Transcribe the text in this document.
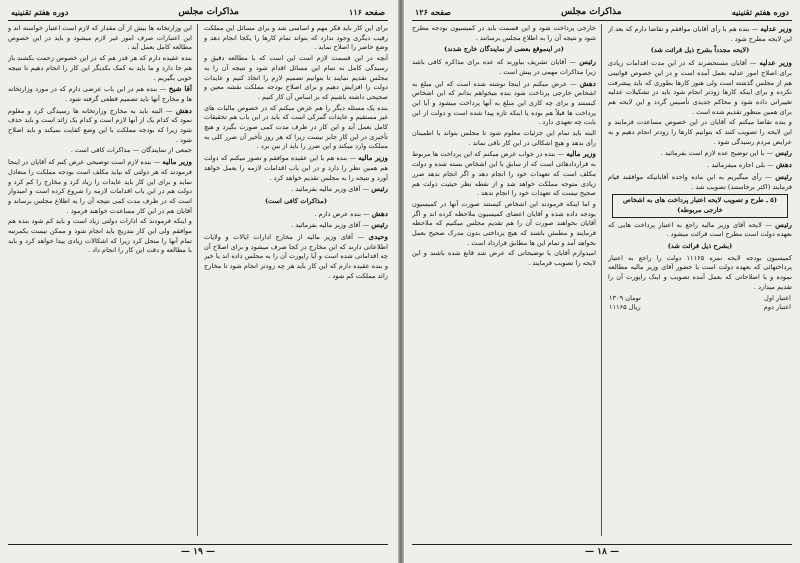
صفحه ۱۱۶
مذاکرات مجلس
دوره هفتم تقنینیه
برای این کار باید فکر مهم و اساسی شد و برای مسائل این مملکت رقیب دیگری وجود ندارد که بتواند تمام کارها را یکجا انجام دهد و وضع حاضر را اصلاح نماید .
آنچه در این قسمت لازم است این است که با مطالعه دقیق و رسیدگی کامل به تمام این مسائل اقدام شود و نتیجه آن را به مجلس تقدیم نمایند تا بتوانیم تصمیم لازم را اتخاذ کنیم و عایدات دولت را افزایش دهیم و برای اصلاح بودجه مملکت نقشه معین و صحیحی داشته باشیم که بر اساس آن کار کنیم .
بنده یک مسئله دیگر را هم عرض میکنم که در خصوص مالیات های غیر مستقیم و عایدات گمرکی است که باید در این باب هم تحقیقات کامل بعمل آید و این کار در ظرف مدت کمی صورت بگیرد و هیچ تأخیری در این کار جایز نیست زیرا که هر روز تأخیر آن ضرر کلی به مملکت وارد میکند و این ضرر را باید از بین برد .
وزیر مالیه — بنده هم با این عقیده موافقم و تصور میکنم که دولت هم همین نظر را دارد و در این باب اقدامات لازمه را بعمل خواهد آورد و نتیجه را به مجلس تقدیم خواهد کرد .
رئیس — آقای وزیر مالیه بفرمائید .
(مذاکرات کافی است)
دهش — بنده عرض دارم .
رئیس — آقای وزیر مالیه بفرمائید .
وحیدی — آقای وزیر مالیه از مخارج ادارات ایالات و ولایات اطلاعاتی دارند که این مخارج در کجا صرف میشود و برای اصلاح آن چه اقداماتی شده است و آیا راپورت آن را به مجلس داده اند یا خیر و بنده عقیده دارم که این کار باید هر چه زودتر انجام شود تا مخارج زائد مملکت کم شود .
این وزارتخانه ها بیش از آن مقدار که لازم است اعتبار خواسته اند و این اعتبارات صرف امور غیر لازم میشود و باید در این خصوص مطالعه کامل بعمل آید .
بنده عقیده دارم که هر قدر هم که در این خصوص زحمت بکشند باز هم جا دارد و ما باید به کمک یکدیگر این کار را انجام دهیم تا نتیجه خوبی بگیریم .
آقا شیخ — بنده هم در این باب عرضی دارم که در مورد وزارتخانه ها و مخارج آنها باید تصمیم قطعی گرفته شود .
دهش — البته باید به مخارج وزارتخانه ها رسیدگی کرد و معلوم نمود که کدام یک از آنها لازم است و کدام یک زائد است و باید حذف شود زیرا که بودجه مملکت با این وضع کفایت نمیکند و باید اصلاح شود .
جمعی از نمایندگان — مذاکرات کافی است .
وزیر مالیه — بنده لازم است توضیحی عرض کنم که آقایان در اینجا فرمودند که هر دولتی که بیاید مکلف است بودجه مملکت را متعادل نماید و برای این کار باید عایدات را زیاد کرد و مخارج را کم کرد و دولت هم در این باب اقدامات لازمه را شروع کرده است و امیدوار است که در ظرف مدت کمی نتیجه آن را به اطلاع مجلس برساند و آقایان هم در این کار مساعدت خواهند فرمود .
و اینکه فرمودند که ادارات دولتی زیاد است و باید کم شود بنده هم موافقم ولی این کار بتدریج باید انجام شود و ممکن نیست یکمرتبه تمام آنها را منحل کرد زیرا که اشکالات زیادی پیدا خواهد کرد و باید با مطالعه و دقت این کار را انجام داد .
— ۱۹ —
دوره هفتم تقنینیه
مذاکرات مجلس
صفحه ۱۲۶
وزیر عدلیه — بنده هم با رأی آقایان موافقم و تقاضا دارم که بعد از این لایحه مطرح شود .
(لایحه مجدداً بشرح ذیل قرائت شد)
وزیر عدلیه — آقایان مستحضرند که در این مدت اقدامات زیادی برای اصلاح امور عدلیه بعمل آمده است و در این خصوص قوانینی هم از مجلس گذشته است ولی هنوز کارها بطوری که باید پیشرفت نکرده و برای اینکه کارها زودتر انجام شود باید در تشکیلات عدلیه تغییراتی داده شود و محاکم جدیدی تأسیس گردد و این لایحه هم برای همین منظور تقدیم شده است .
و بنده تقاضا میکنم که آقایان در این خصوص مساعدت فرمایند و این لایحه را تصویب کنند که بتوانیم کارها را زودتر انجام دهیم و به عرایض مردم رسیدگی شود .
رئیس — با این توضیح عده لازم است بفرمائید .
دهش — بلی اجازه میفرمائید .
رئیس — رأی میگیریم به این ماده واحده آقایانیکه موافقند قیام فرمایند (اکثر برخاستند) تصویب شد .
(۵ ـ طرح و تصویب لایحه اعتبار پرداخت های به اشخاص خارجی مربوطه)
رئیس — لایحه آقای وزیر مالیه راجع به اعتبار پرداخت هایی که بعهده دولت است مطرح است قرائت میشود .
(بشرح ذیل قرائت شد)
کمیسیون بودجه لایحه نمره ۱۱۱۶۵ دولت را راجع به اعتبار پرداختهائی که بعهده دولت است با حضور آقای وزیر مالیه مطالعه نموده و با اصلاحاتی که بعمل آمده تصویب و اینک راپورت آن را تقدیم میدارد .
اعتبار اول	۱۳۰۹ تومان
اعتبار دوم	۱۱۱۶۵ ریال
خارجی پرداخت شود و این قسمت باید در کمیسیون بودجه مطرح شود و نتیجه آن را به اطلاع مجلس برسانند .
(در اینموقع بعضی از نمایندگان خارج شدند)
رئیس — آقایان تشریف بیاورند که عده برای مذاکره کافی باشد زیرا مذاکرات مهمی در پیش است .
دهش — عرض میکنم در اینجا نوشته شده است که این مبلغ به اشخاص خارجی پرداخت شود بنده میخواهم بدانم که این اشخاص کیستند و برای چه کاری این مبلغ به آنها پرداخت میشود و آیا این پرداخت ها قبلاً هم بوده یا اینکه تازه پیدا شده است و دولت از این بابت چه تعهدی دارد .
البته باید تمام این جزئیات معلوم شود تا مجلس بتواند با اطمینان رأی بدهد و هیچ اشکالی در این کار باقی نماند .
وزیر مالیه — بنده در جواب عرض میکنم که این پرداخت ها مربوط به قراردادهائی است که از سابق با این اشخاص بسته شده و دولت مکلف است که تعهدات خود را انجام دهد و اگر انجام ندهد ضرر زیادی متوجه مملکت خواهد شد و از نقطه نظر حیثیت دولت هم صحیح نیست که تعهدات خود را انجام ندهد .
و اما اینکه فرمودند این اشخاص کیستند صورت آنها در کمیسیون بودجه داده شده و آقایان اعضای کمیسیون ملاحظه کرده اند و اگر آقایان بخواهند صورت آن را هم تقدیم مجلس میکنیم که ملاحظه فرمایند و مطمئن باشند که هیچ پرداختی بدون مدرک صحیح بعمل نخواهد آمد و تمام این ها مطابق قرارداد است .
امیدوارم آقایان با توضیحاتی که عرض شد قانع شده باشند و این لایحه را تصویب فرمایند .
— ۱۸ —
